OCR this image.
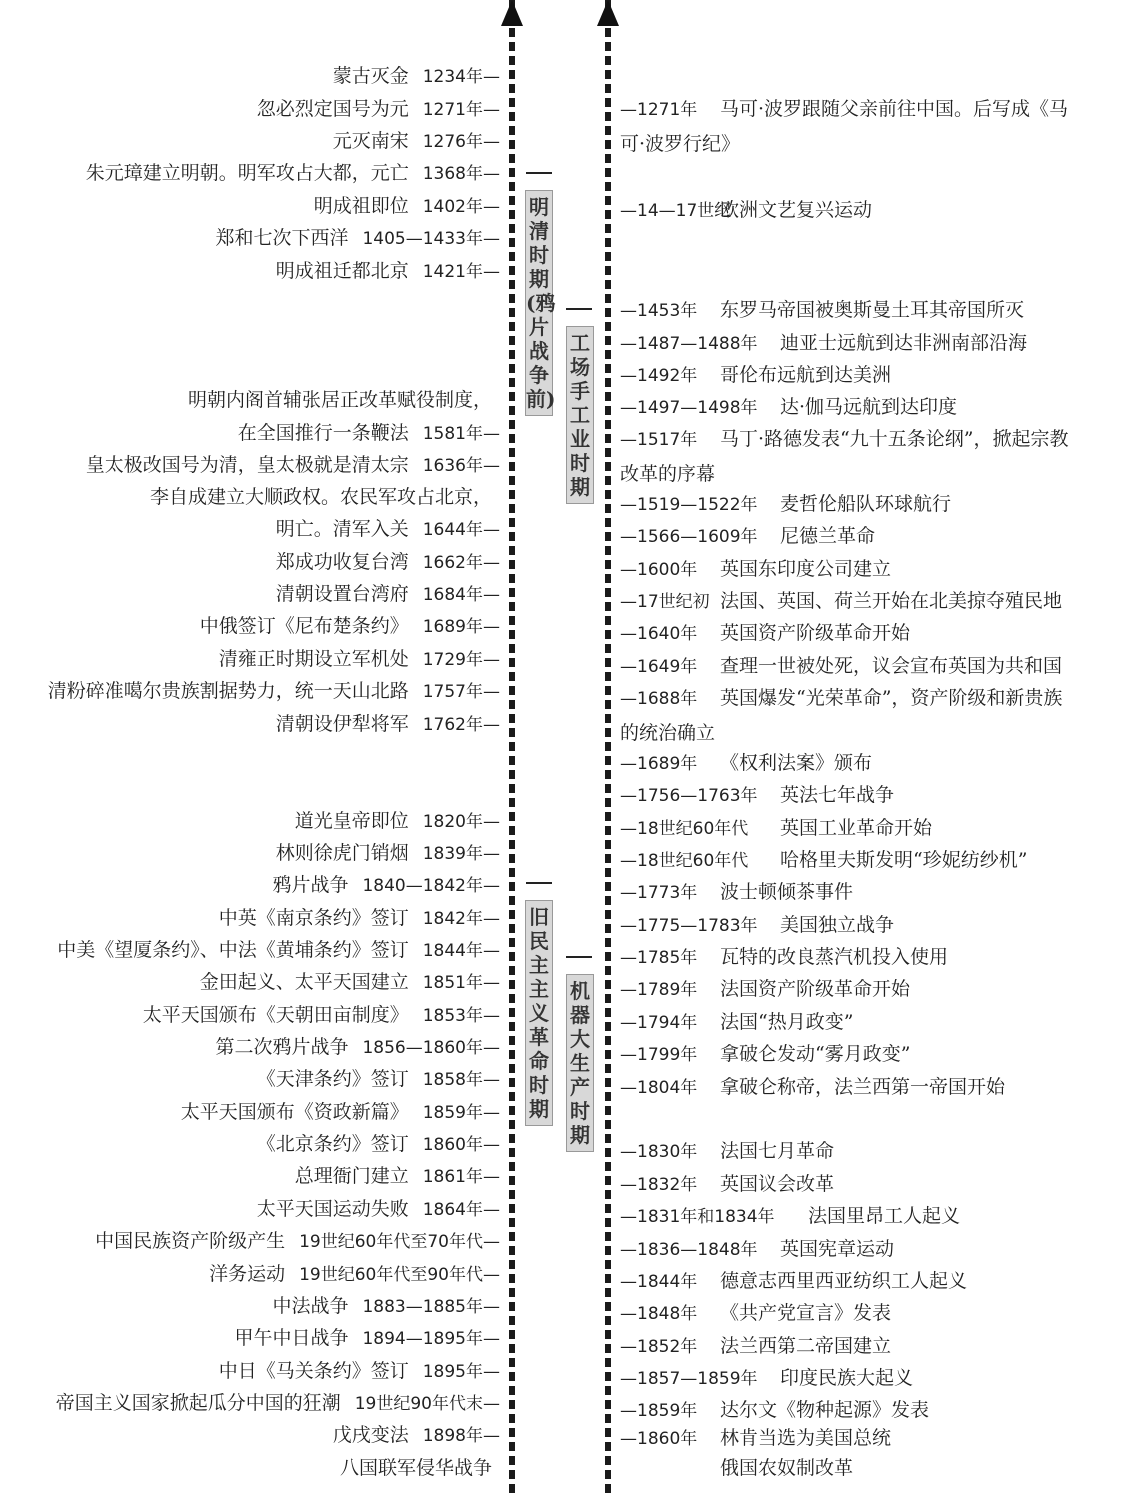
明清时期(鸦片战争前)
工场手工业时期
旧民主主义革命时期
机器大生产时期
蒙古灭金 1234年—
忽必烈定国号为元 1271年—
元灭南宋 1276年—
朱元璋建立明朝。明军攻占大都，元亡 1368年—
明成祖即位 1402年—
郑和七次下西洋 1405—1433年—
明成祖迁都北京 1421年—
明朝内阁首辅张居正改革赋役制度，
在全国推行一条鞭法 1581年—
皇太极改国号为清，皇太极就是清太宗 1636年—
李自成建立大顺政权。农民军攻占北京，
明亡。清军入关 1644年—
郑成功收复台湾 1662年—
清朝设置台湾府 1684年—
中俄签订《尼布楚条约》 1689年—
清雍正时期设立军机处 1729年—
清粉碎准噶尔贵族割据势力，统一天山北路 1757年—
清朝设伊犁将军 1762年—
道光皇帝即位 1820年—
林则徐虎门销烟 1839年—
鸦片战争 1840—1842年—
中英《南京条约》签订 1842年—
中美《望厦条约》、中法《黄埔条约》签订 1844年—
金田起义、太平天国建立 1851年—
太平天国颁布《天朝田亩制度》 1853年—
第二次鸦片战争 1856—1860年—
《天津条约》签订 1858年—
太平天国颁布《资政新篇》 1859年—
《北京条约》签订 1860年—
总理衙门建立 1861年—
太平天国运动失败 1864年—
中国民族资产阶级产生 19世纪60年代至70年代—
洋务运动 19世纪60年代至90年代—
中法战争 1883—1885年—
甲午中日战争 1894—1895年—
中日《马关条约》签订 1895年—
帝国主义国家掀起瓜分中国的狂潮 19世纪90年代末—
戊戌变法 1898年—
八国联军侵华战争
—1271年 马可·波罗跟随父亲前往中国。后写成《马可·波罗行纪》
—14—17世纪欧洲文艺复兴运动
—1453年 东罗马帝国被奥斯曼土耳其帝国所灭
—1487—1488年 迪亚士远航到达非洲南部沿海
—1492年 哥伦布远航到达美洲
—1497—1498年 达·伽马远航到达印度
—1517年 马丁·路德发表“九十五条论纲”，掀起宗教改革的序幕
—1519—1522年 麦哲伦船队环球航行
—1566—1609年 尼德兰革命
—1600年 英国东印度公司建立
—17世纪初 法国、英国、荷兰开始在北美掠夺殖民地
—1640年 英国资产阶级革命开始
—1649年 查理一世被处死，议会宣布英国为共和国
—1688年 英国爆发“光荣革命”，资产阶级和新贵族的统治确立
—1689年 《权利法案》颁布
—1756—1763年 英法七年战争
—18世纪60年代 英国工业革命开始
—18世纪60年代 哈格里夫斯发明“珍妮纺纱机”
—1773年 波士顿倾茶事件
—1775—1783年 美国独立战争
—1785年 瓦特的改良蒸汽机投入使用
—1789年 法国资产阶级革命开始
—1794年 法国“热月政变”
—1799年 拿破仑发动“雾月政变”
—1804年 拿破仑称帝，法兰西第一帝国开始
—1830年 法国七月革命
—1832年 英国议会改革
—1831年和1834年 法国里昂工人起义
—1836—1848年 英国宪章运动
—1844年 德意志西里西亚纺织工人起义
—1848年 《共产党宣言》发表
—1852年 法兰西第二帝国建立
—1857—1859年 印度民族大起义
—1859年 达尔文《物种起源》发表
—1860年 林肯当选为美国总统
俄国农奴制改革
